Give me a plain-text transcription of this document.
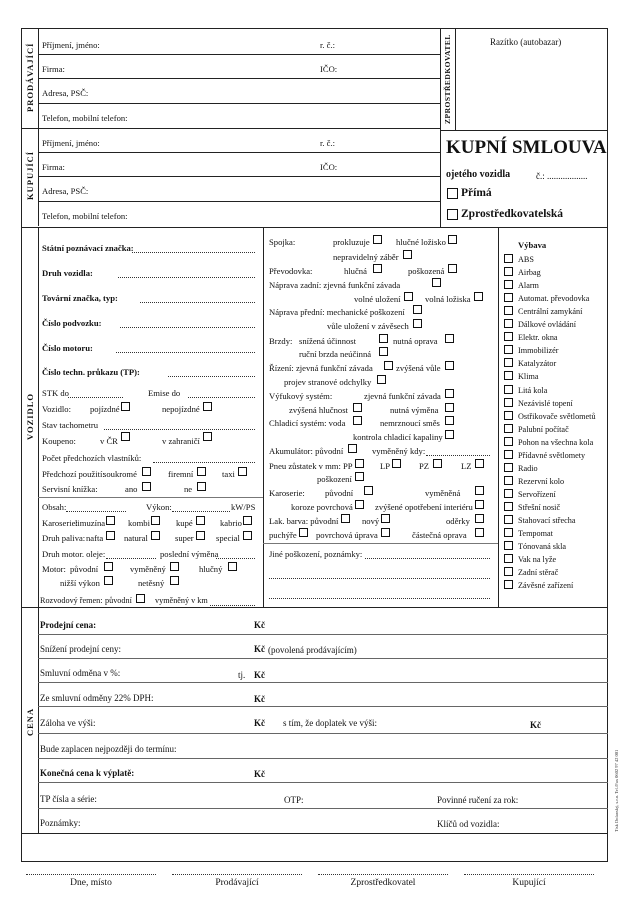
PRODÁVAJÍCÍ	ZPROSTŘEDKOVATEL	Razítko (autobazar)
Příjmení, jméno:	r. č.:
Firma:	IČO:
Adresa, PSČ:
Telefon, mobilní telefon:
KUPUJÍCÍ
Příjmení, jméno:	r. č.:
Firma:	IČO:
Adresa, PSČ:
Telefon, mobilní telefon:
KUPNÍ SMLOUVA
ojetého vozidla	č.: ..................
Přímá
Zprostředkovatelská
VOZIDLO
Státní poznávací značka:
Druh vozidla:
Tovární značka, typ:
Číslo podvozku:
Číslo motoru:
Číslo techn. průkazu (TP):
STK do	Emise do
Vozidlo: pojízdné	nepojízdné
Stav tachometru
Koupeno:	v ČR	v zahraničí
Počet předchozích vlastníků:
Předchozí použití:
soukromé	firemní	taxi
Servisní knížka:	ano	ne
Obsah:	Výkon:	kW/PS
Karoserie:
limuzína	kombi	kupé	kabrio
Druh paliva: nafta natural	super	special
Druh motor. oleje:	poslední výměna
Motor: původní	vyměněný	hlučný
nižší výkon	netěsný
Rozvodový řemen: původní	vyměněný v km
Spojka:	prokluzuje	hlučné ložisko
nepravidelný záběr
Převodovka:	hlučná	poškozená
Náprava zadní: zjevná funkční závada
volné uložení	volná ložiska
Náprava přední: mechanické poškození
vůle uložení v závěsech
Brzdy: snížená účinnost	nutná oprava
ruční brzda neúčinná
Řízení: zjevná funkční závada	zvýšená vůle
projev stranové odchylky
Výfukový systém:	zjevná funkční závada
zvýšená hlučnost	nutná výměna
Chladicí systém: voda	nemrznoucí směs
kontrola chladicí kapaliny
Akumulátor: původní	vyměněný kdy:
Pneu zůstatek v mm: PP	LP	PZ	LZ
poškození
Karoserie: původní	vyměněná
koroze povrchová	zvýšené opotřebení interiéru
Lak. barva: původní	nový	oděrky
puchýře povrchová úprava	částečná oprava
Jiné poškození, poznámky:
Výbava
ABS
Airbag
Alarm
Automat. převodovka
Centrální zamykání
Dálkové ovládání
Elektr. okna
Immobilizér
Katalyzátor
Klima
Litá kola
Nezávislé topení
Ostřikovače světlometů
Palubní počítač
Pohon na všechna kola
Přídavné světlomety
Radio
Rezervní kolo
Servořízení
Střešní nosič
Stahovací střecha
Tempomat
Tónovaná skla
Vak na lyže
Zadní stěrač
Závěsné zařízení
CENA
Prodejní cena:	Kč
Snížení prodejní ceny:	Kč (povolená prodávajícím)
Smluvní odměna v %:	tj. Kč
Ze smluvní odměny 22% DPH:	Kč
Záloha ve výši:	Kč s tím, že doplatek ve výši:	Kč
Bude zaplacen nejpozději do termínu:
Konečná cena k výplatě:	Kč
TP čísla a série:	OTP:	Povinné ručení za rok:
Poznámky:	Klíčů od vozidla:
Dne, místo	Prodávající	Zprostředkovatel	Kupující
Tisk Dolanský, s.r.o. Tel./Fax 0602 97 42 001
